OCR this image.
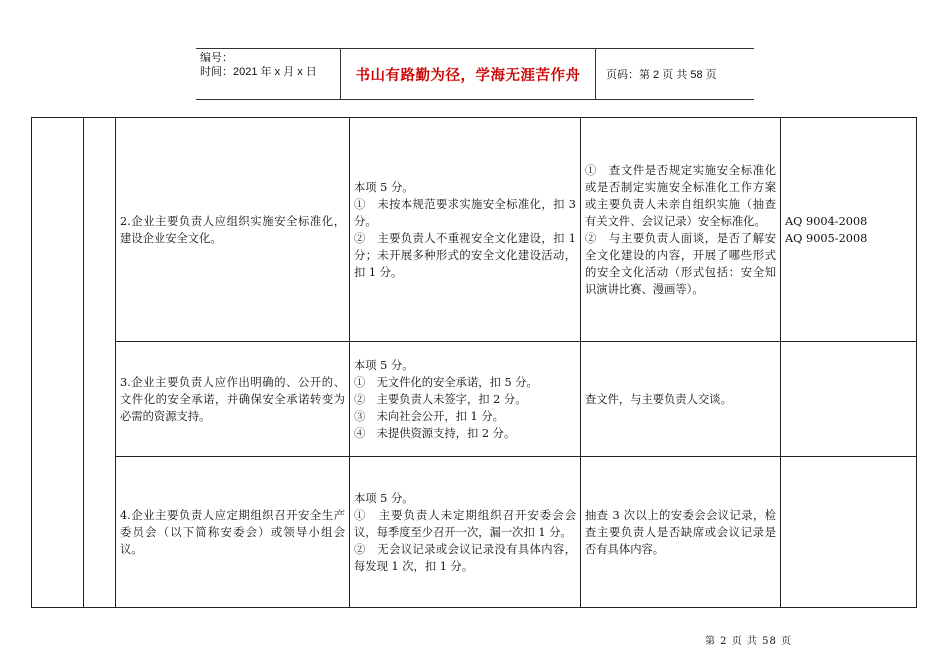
编号：
时间：2021 年 x 月 x 日	书山有路勤为径，学海无涯苦作舟 页码：第 2 页 共 58 页
2.企业主要负责人应组织实施安全标准化，建设企业安全文化。
本项 5 分。
①　未按本规范要求实施安全标准化，扣 3 分。
②　主要负责人不重视安全文化建设，扣 1 分；未开展多种形式的安全文化建设活动，扣 1 分。
①　查文件是否规定实施安全标准化或是否制定实施安全标准化工作方案或主要负责人未亲自组织实施（抽查有关文件、会议记录）安全标准化。
②　与主要负责人面谈，是否了解安全文化建设的内容，开展了哪些形式的安全文化活动（形式包括：安全知识演讲比赛、漫画等）。
AQ 9004-2008
AQ 9005-2008
3.企业主要负责人应作出明确的、公开的、文件化的安全承诺，并确保安全承诺转变为必需的资源支持。
本项 5 分。
①　无文件化的安全承诺，扣 5 分。
②　主要负责人未签字，扣 2 分。
③　未向社会公开，扣 1 分。
④　未提供资源支持，扣 2 分。
查文件，与主要负责人交谈。
4.企业主要负责人应定期组织召开安全生产委员会（以下简称安委会）或领导小组会议。
本项 5 分。
①　主要负责人未定期组织召开安委会会议，每季度至少召开一次，漏一次扣 1 分。
②　无会议记录或会议记录没有具体内容，每发现 1 次，扣 1 分。
抽查 3 次以上的安委会会议记录，检查主要负责人是否缺席或会议记录是否有具体内容。
第 2 页 共 58 页
